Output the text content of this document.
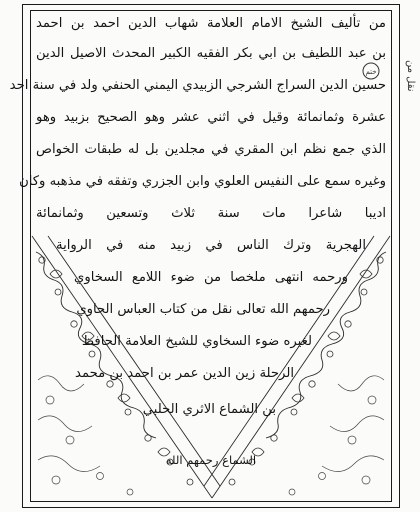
من تأليف الشيخ الامام العلامة شهاب الدين احمد بن احمد
بن عبد اللطيف بن ابي بكر الفقيه الكبير المحدث الاصيل الدين
حسين الدين السراج الشرجي الزبيدي اليمني الحنفي ولد في سنة احد
عشرة وثمانمائة وقيل في اثني عشر وهو الصحيح بزبيد وهو
الذي جمع نظم ابن المقري في مجلدين بل له طبقات الخواص
وغيره سمع على النفيس العلوي وابن الجزري وتفقه في مذهبه وكان
اديبا شاعرا مات سنة ثلاث وتسعين وثمانمائة
الهجرية وترك الناس في زبيد منه في الرواية
ورحمه انتهى ملخصا من ضوء اللامع السخاوي
رحمهم الله تعالى نقل من كتاب العباس الحاوي
لغيره ضوء السخاوي للشيخ العلامة الحافظ
الرحلة زين الدين عمر بن احمد بن محمد
بن الشماع الاثري الحلبي
الشماع رحمهم الله
نقل من
ختم
